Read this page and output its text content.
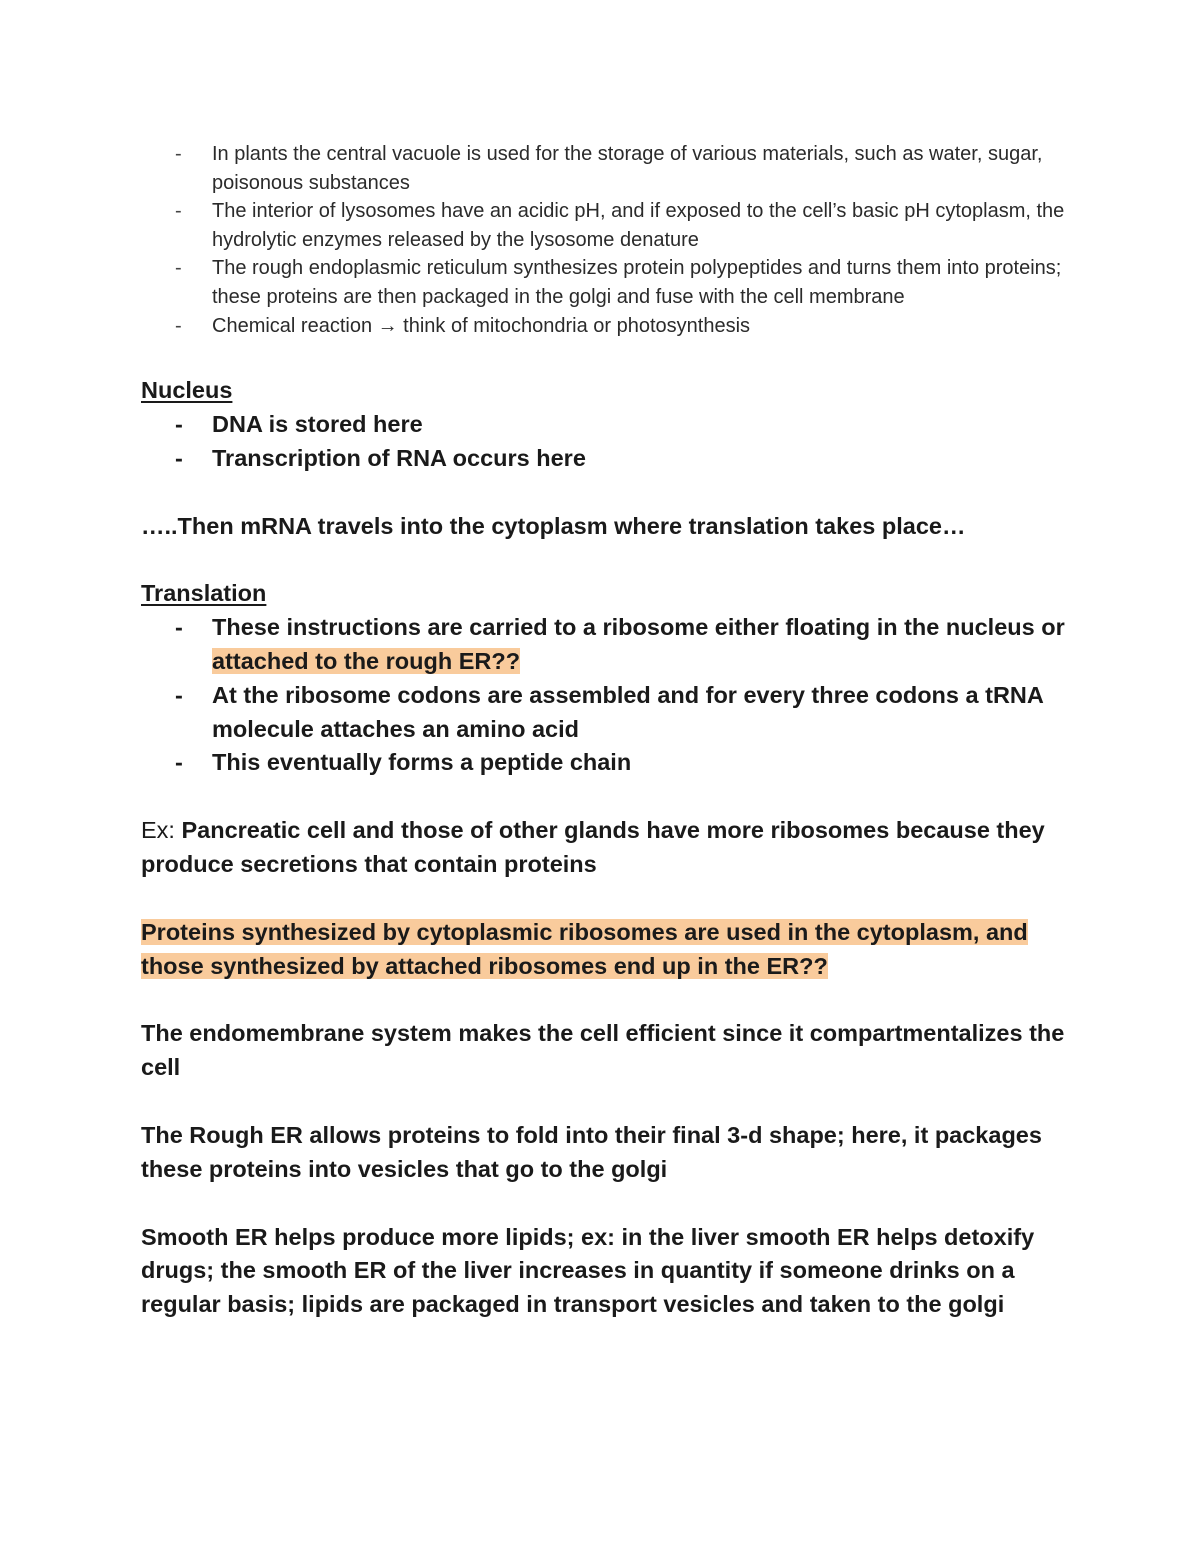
- In plants the central vacuole is used for the storage of various materials, such as water, sugar, poisonous substances
- The interior of lysosomes have an acidic pH, and if exposed to the cell’s basic pH cytoplasm, the hydrolytic enzymes released by the lysosome denature
- The rough endoplasmic reticulum synthesizes protein polypeptides and turns them into proteins; these proteins are then packaged in the golgi and fuse with the cell membrane
- Chemical reaction → think of mitochondria or photosynthesis
Nucleus
- DNA is stored here
- Transcription of RNA occurs here

…..Then mRNA travels into the cytoplasm where translation takes place…

Translation
- These instructions are carried to a ribosome either floating in the nucleus or attached to the rough ER??
- At the ribosome codons are assembled and for every three codons a tRNA molecule attaches an amino acid
- This eventually forms a peptide chain

Ex: Pancreatic cell and those of other glands have more ribosomes because they produce secretions that contain proteins

Proteins synthesized by cytoplasmic ribosomes are used in the cytoplasm, and those synthesized by attached ribosomes end up in the ER??

The endomembrane system makes the cell efficient since it compartmentalizes the cell

The Rough ER allows proteins to fold into their final 3-d shape; here, it packages these proteins into vesicles that go to the golgi

Smooth ER helps produce more lipids; ex: in the liver smooth ER helps detoxify drugs; the smooth ER of the liver increases in quantity if someone drinks on a regular basis; lipids are packaged in transport vesicles and taken to the golgi
